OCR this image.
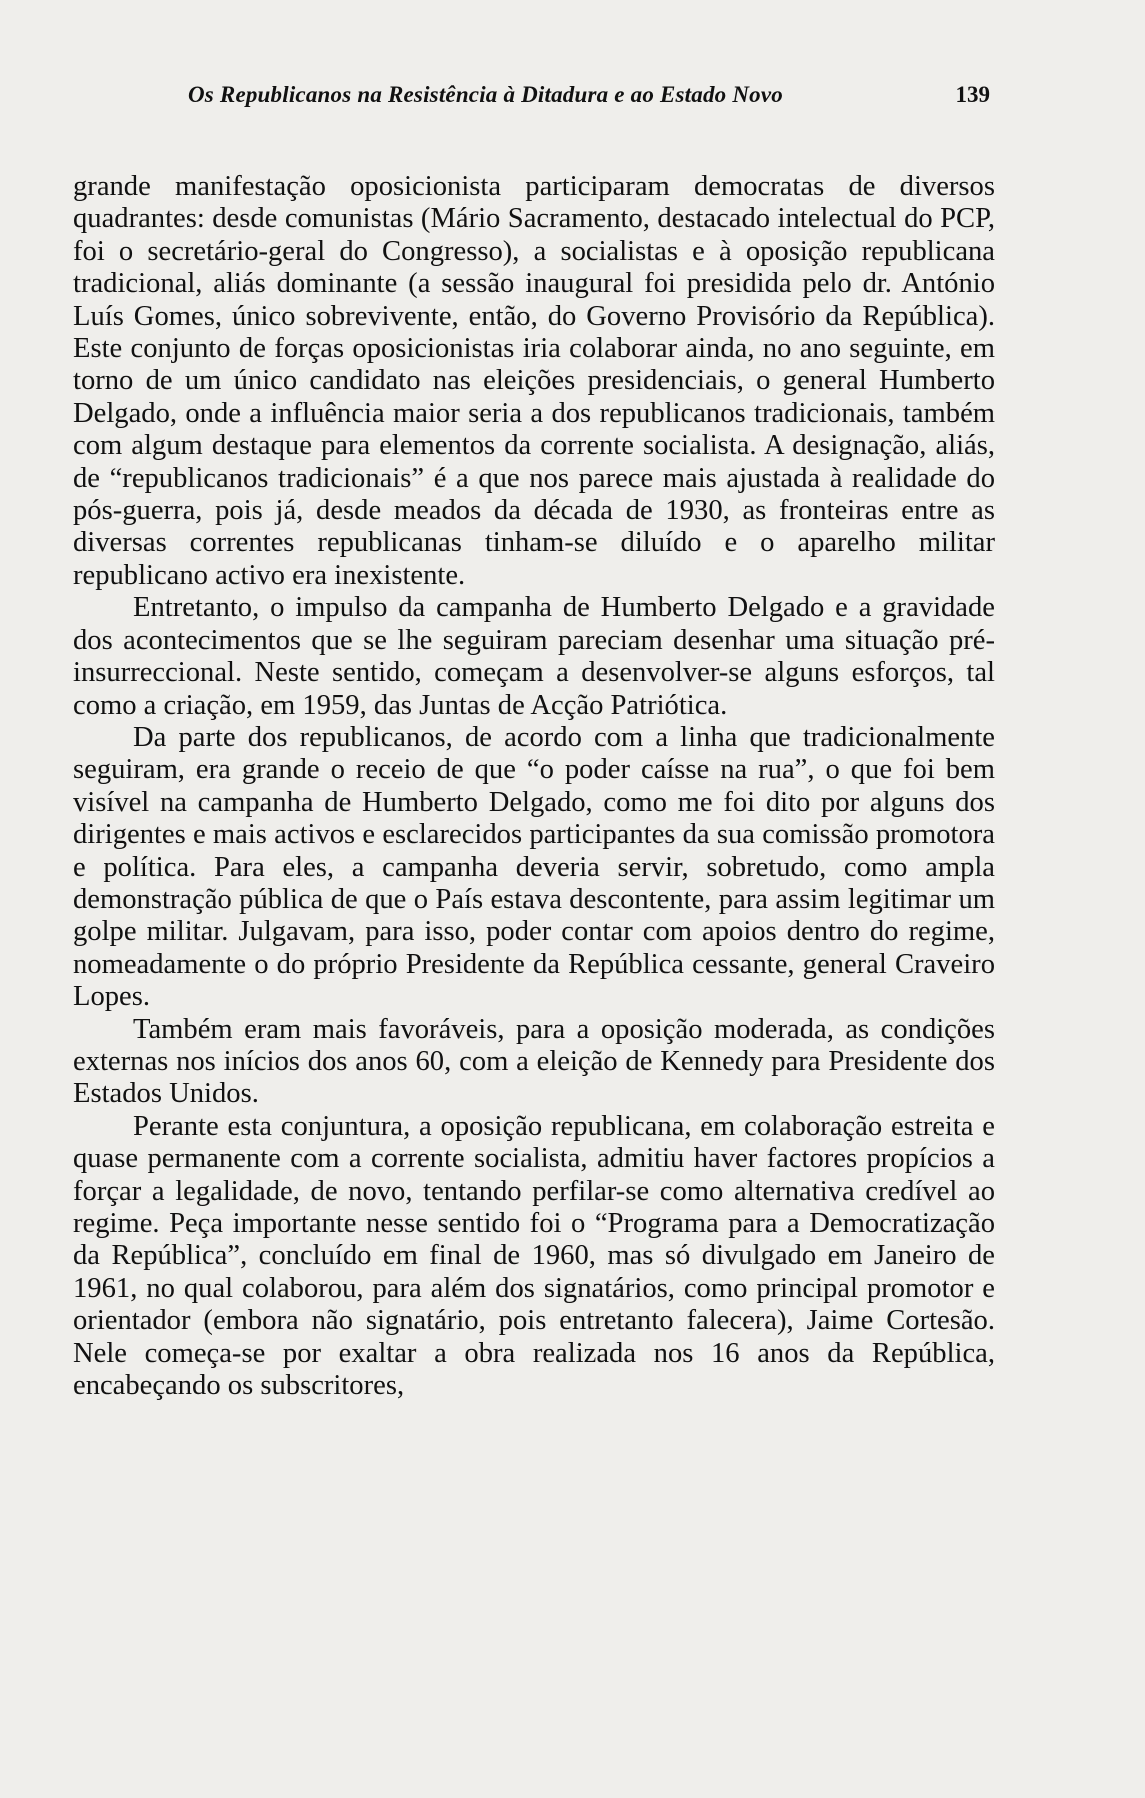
Os Republicanos na Resistência à Ditadura e ao Estado Novo	139

grande manifestação oposicionista participaram democratas de diversos quadrantes: desde comunistas (Mário Sacramento, destacado intelectual do PCP, foi o secretário-geral do Congresso), a socialistas e à oposição republicana tradicional, aliás dominante (a sessão inaugural foi presidida pelo dr. António Luís Gomes, único sobrevivente, então, do Governo Provisório da República). Este conjunto de forças oposicionistas iria colaborar ainda, no ano seguinte, em torno de um único candidato nas eleições presidenciais, o general Humberto Delgado, onde a influência maior seria a dos republicanos tradicionais, também com algum destaque para elementos da corrente socialista. A designação, aliás, de “republicanos tradicionais” é a que nos parece mais ajustada à realidade do pós-guerra, pois já, desde meados da década de 1930, as fronteiras entre as diversas correntes republicanas tinham-se diluído e o aparelho militar republicano activo era inexistente.

Entretanto, o impulso da campanha de Humberto Delgado e a gravidade dos acontecimentos que se lhe seguiram pareciam desenhar uma situação pré-insurreccional. Neste sentido, começam a desenvolver-se alguns esforços, tal como a criação, em 1959, das Juntas de Acção Patriótica.

Da parte dos republicanos, de acordo com a linha que tradicionalmente seguiram, era grande o receio de que “o poder caísse na rua”, o que foi bem visível na campanha de Humberto Delgado, como me foi dito por alguns dos dirigentes e mais activos e esclarecidos participantes da sua comissão promotora e política. Para eles, a campanha deveria servir, sobretudo, como ampla demonstração pública de que o País estava descontente, para assim legitimar um golpe militar. Julgavam, para isso, poder contar com apoios dentro do regime, nomeadamente o do próprio Presidente da República cessante, general Craveiro Lopes.

Também eram mais favoráveis, para a oposição moderada, as condições externas nos inícios dos anos 60, com a eleição de Kennedy para Presidente dos Estados Unidos.

Perante esta conjuntura, a oposição republicana, em colaboração estreita e quase permanente com a corrente socialista, admitiu haver factores propícios a forçar a legalidade, de novo, tentando perfilar-se como alternativa credível ao regime. Peça importante nesse sentido foi o “Programa para a Democratização da República”, concluído em final de 1960, mas só divulgado em Janeiro de 1961, no qual colaborou, para além dos signatários, como principal promotor e orientador (embora não signatário, pois entretanto falecera), Jaime Cortesão. Nele começa-se por exaltar a obra realizada nos 16 anos da República, encabeçando os subscritores,
